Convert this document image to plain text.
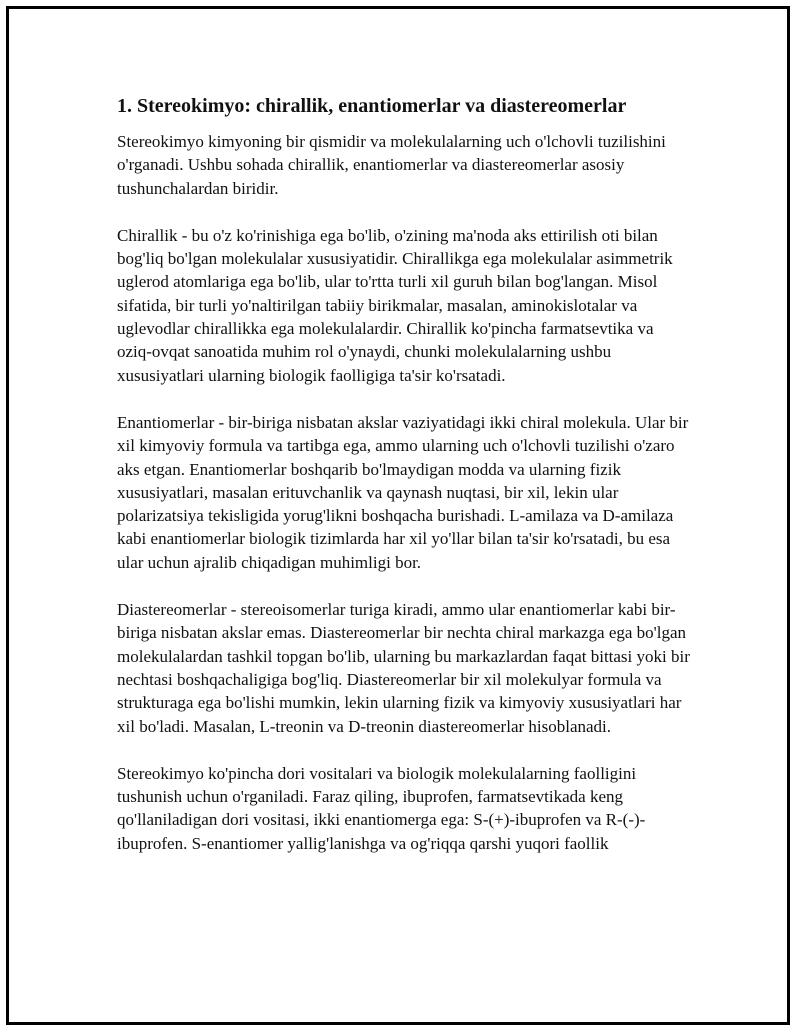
1. Stereokimyo: chirallik, enantiomerlar va diastereomerlar

Stereokimyo kimyoning bir qismidir va molekulalarning uch o'lchovli tuzilishini o'rganadi. Ushbu sohada chirallik, enantiomerlar va diastereomerlar asosiy tushunchalardan biridir.

Chirallik - bu o'z ko'rinishiga ega bo'lib, o'zining ma'noda aks ettirilish oti bilan bog'liq bo'lgan molekulalar xususiyatidir. Chirallikga ega molekulalar asimmetrik uglerod atomlariga ega bo'lib, ular to'rtta turli xil guruh bilan bog'langan. Misol sifatida, bir turli yo'naltirilgan tabiiy birikmalar, masalan, aminokislotalar va uglevodlar chirallikka ega molekulalardir. Chirallik ko'pincha farmatsevtika va oziq-ovqat sanoatida muhim rol o'ynaydi, chunki molekulalarning ushbu xususiyatlari ularning biologik faolligiga ta'sir ko'rsatadi.

Enantiomerlar - bir-biriga nisbatan akslar vaziyatidagi ikki chiral molekula. Ular bir xil kimyoviy formula va tartibga ega, ammo ularning uch o'lchovli tuzilishi o'zaro aks etgan. Enantiomerlar boshqarib bo'lmaydigan modda va ularning fizik xususiyatlari, masalan erituvchanlik va qaynash nuqtasi, bir xil, lekin ular polarizatsiya tekisligida yorug'likni boshqacha burishadi. L-amilaza va D-amilaza kabi enantiomerlar biologik tizimlarda har xil yo'llar bilan ta'sir ko'rsatadi, bu esa ular uchun ajralib chiqadigan muhimligi bor.

Diastereomerlar - stereoisomerlar turiga kiradi, ammo ular enantiomerlar kabi bir-biriga nisbatan akslar emas. Diastereomerlar bir nechta chiral markazga ega bo'lgan molekulalardan tashkil topgan bo'lib, ularning bu markazlardan faqat bittasi yoki bir nechtasi boshqachaligiga bog'liq. Diastereomerlar bir xil molekulyar formula va strukturaga ega bo'lishi mumkin, lekin ularning fizik va kimyoviy xususiyatlari har xil bo'ladi. Masalan, L-treonin va D-treonin diastereomerlar hisoblanadi.

Stereokimyo ko'pincha dori vositalari va biologik molekulalarning faolligini tushunish uchun o'rganiladi. Faraz qiling, ibuprofen, farmatsevtikada keng qo'llaniladigan dori vositasi, ikki enantiomerga ega: S-(+)-ibuprofen va R-(-)-ibuprofen. S-enantiomer yallig'lanishga va og'riqqa qarshi yuqori faollik
